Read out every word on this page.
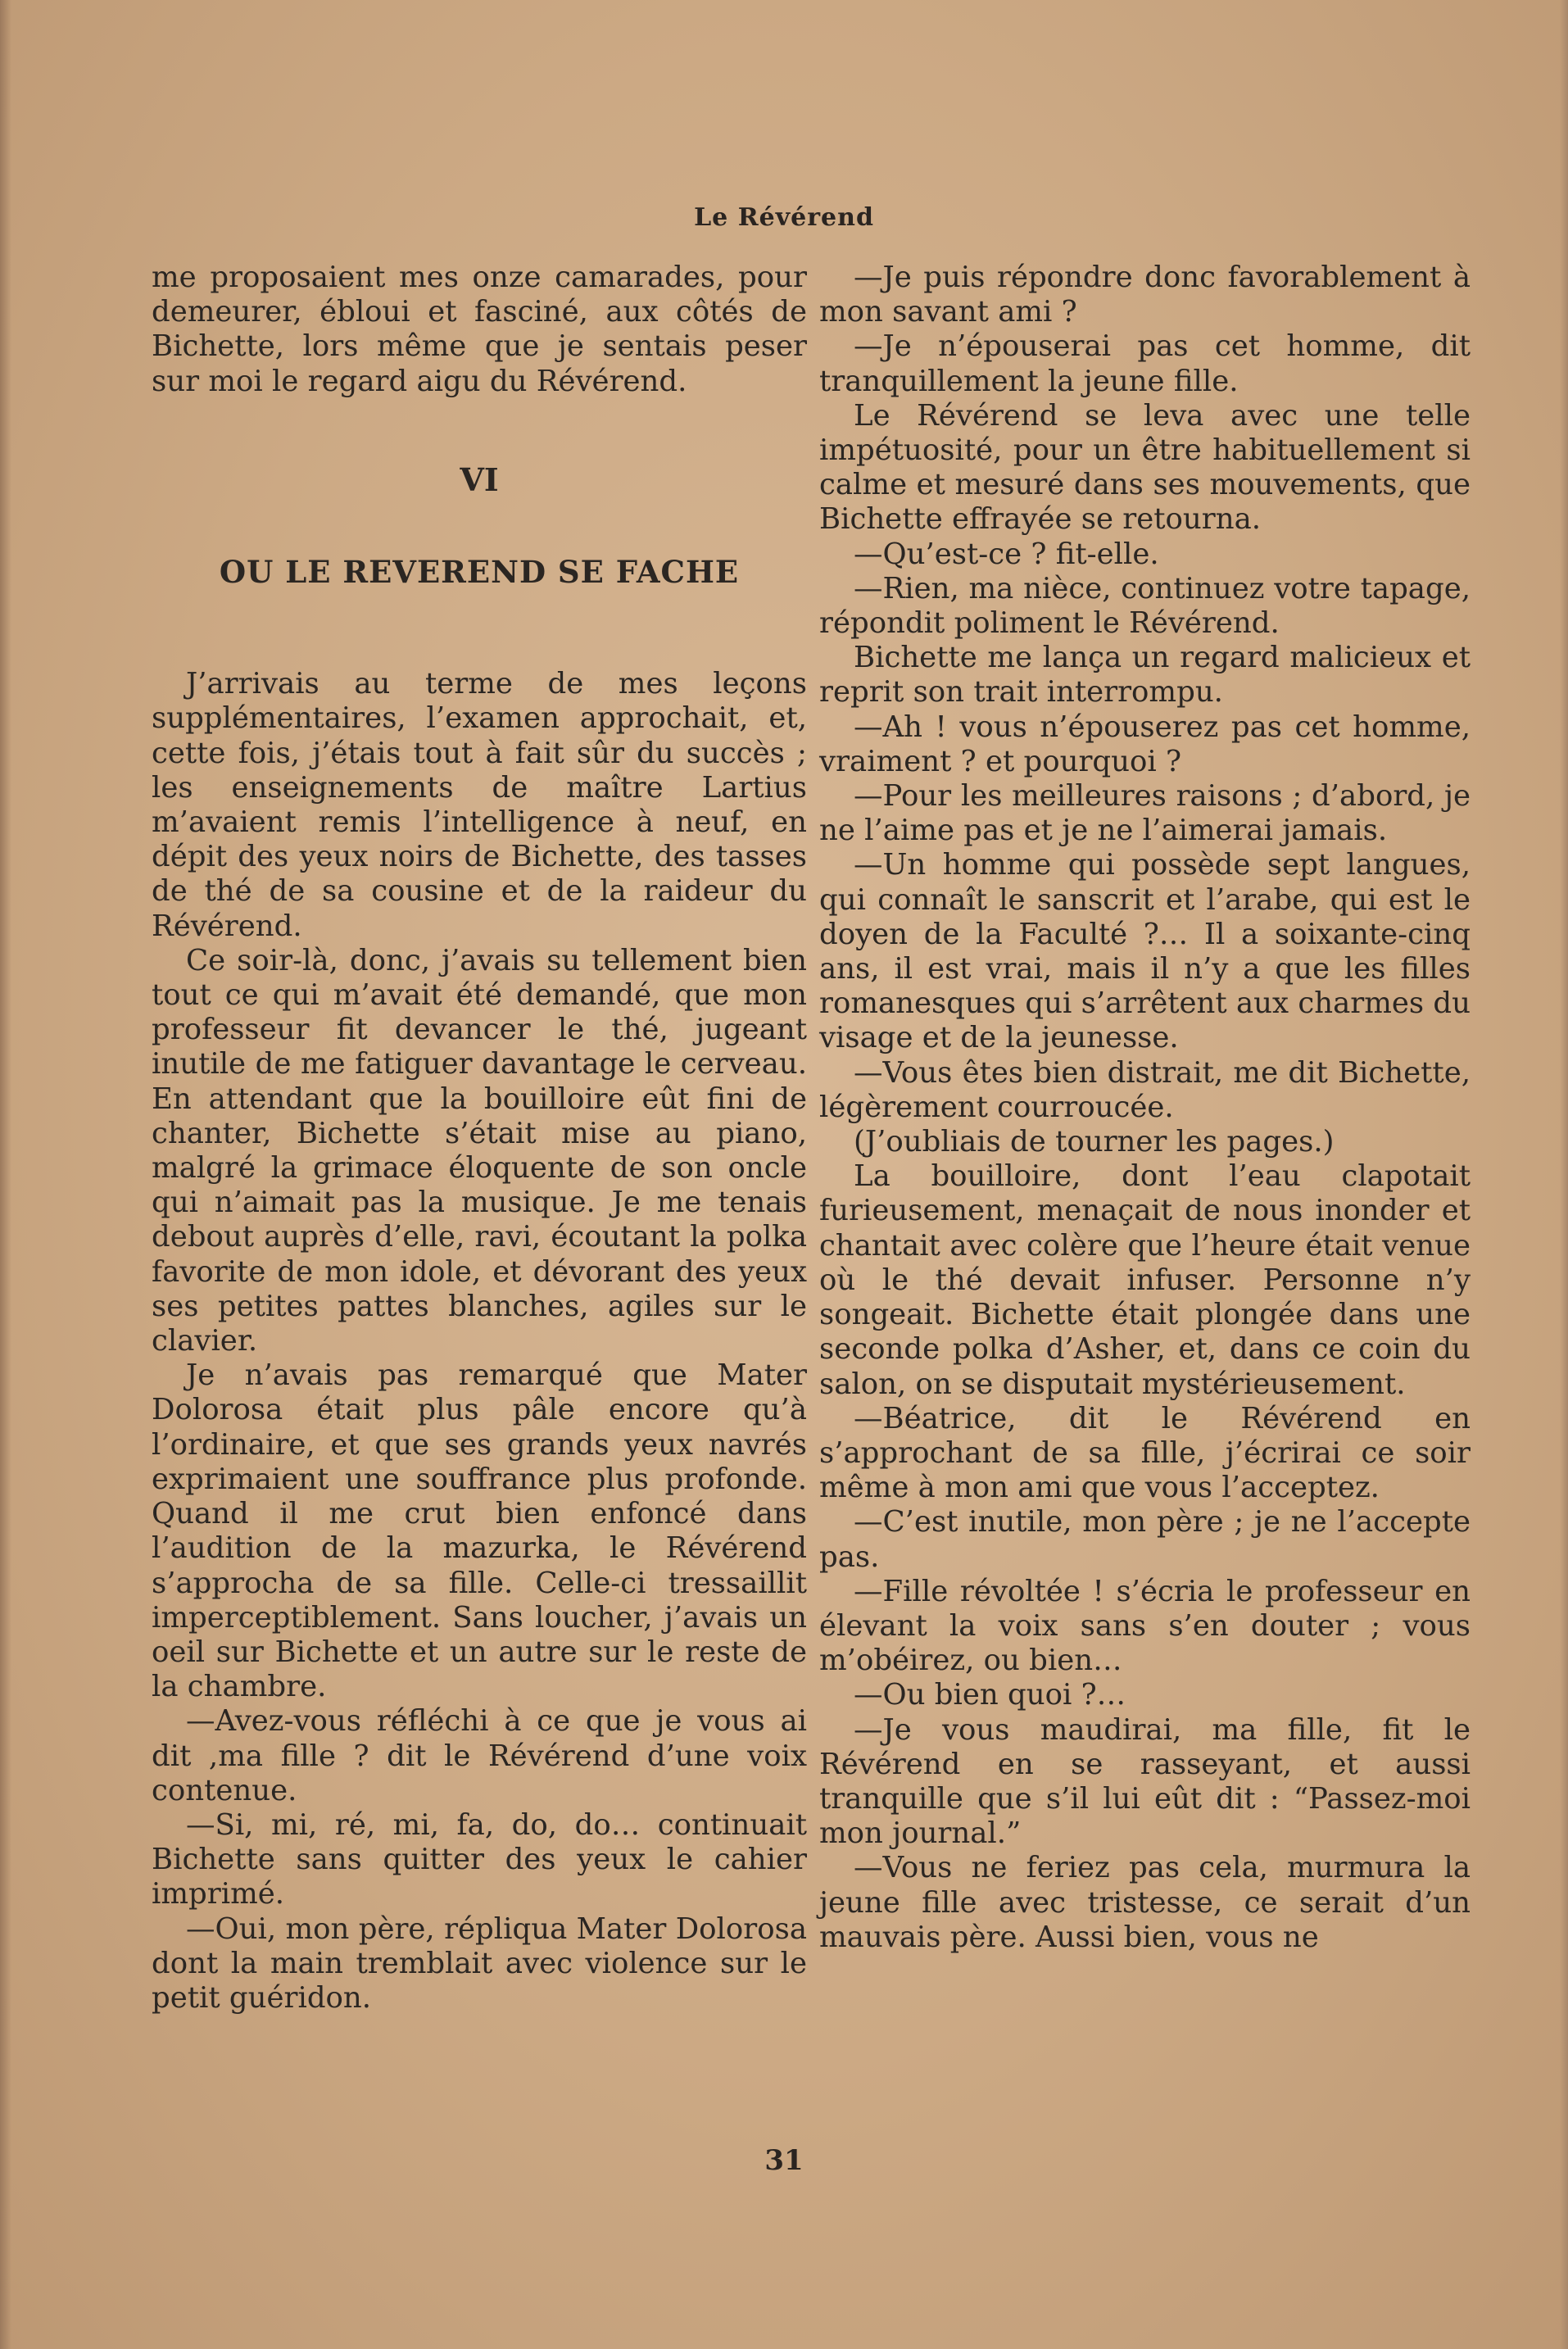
Le Révérend

me proposaient mes onze camarades, pour demeurer, ébloui et fasciné, aux côtés de Bichette, lors même que je sentais peser sur moi le regard aigu du Révérend.

VI

OU LE REVEREND SE FACHE

J’arrivais au terme de mes leçons supplémentaires, l’examen approchait, et, cette fois, j’étais tout à fait sûr du succès ; les enseignements de maître Lartius m’avaient remis l’intelligence à neuf, en dépit des yeux noirs de Bichette, des tasses de thé de sa cousine et de la raideur du Révérend.

Ce soir-là, donc, j’avais su tellement bien tout ce qui m’avait été demandé, que mon professeur fit devancer le thé, jugeant inutile de me fatiguer davantage le cerveau. En attendant que la bouilloire eût fini de chanter, Bichette s’était mise au piano, malgré la grimace éloquente de son oncle qui n’aimait pas la musique. Je me tenais debout auprès d’elle, ravi, écoutant la polka favorite de mon idole, et dévorant des yeux ses petites pattes blanches, agiles sur le clavier.

Je n’avais pas remarqué que Mater Dolorosa était plus pâle encore qu’à l’ordinaire, et que ses grands yeux navrés exprimaient une souffrance plus profonde. Quand il me crut bien enfoncé dans l’audition de la mazurka, le Révérend s’approcha de sa fille. Celle-ci tressaillit imperceptiblement. Sans loucher, j’avais un oeil sur Bichette et un autre sur le reste de la chambre.

—Avez-vous réfléchi à ce que je vous ai dit ,ma fille ? dit le Révérend d’une voix contenue.

—Si, mi, ré, mi, fa, do, do… continuait Bichette sans quitter des yeux le cahier imprimé.

—Oui, mon père, répliqua Mater Dolorosa dont la main tremblait avec violence sur le petit guéridon.

—Je puis répondre donc favorablement à mon savant ami ?

—Je n’épouserai pas cet homme, dit tranquillement la jeune fille.

Le Révérend se leva avec une telle impétuosité, pour un être habituellement si calme et mesuré dans ses mouvements, que Bichette effrayée se retourna.

—Qu’est-ce ? fit-elle.

—Rien, ma nièce, continuez votre tapage, répondit poliment le Révérend.

Bichette me lança un regard malicieux et reprit son trait interrompu.

—Ah ! vous n’épouserez pas cet homme, vraiment ? et pourquoi ?

—Pour les meilleures raisons ; d’abord, je ne l’aime pas et je ne l’aimerai jamais.

—Un homme qui possède sept langues, qui connaît le sanscrit et l’arabe, qui est le doyen de la Faculté ?… Il a soixante-cinq ans, il est vrai, mais il n’y a que les filles romanesques qui s’arrêtent aux charmes du visage et de la jeunesse.

—Vous êtes bien distrait, me dit Bichette, légèrement courroucée.

(J’oubliais de tourner les pages.)

La bouilloire, dont l’eau clapotait furieusement, menaçait de nous inonder et chantait avec colère que l’heure était venue où le thé devait infuser. Personne n’y songeait. Bichette était plongée dans une seconde polka d’Asher, et, dans ce coin du salon, on se disputait mystérieusement.

—Béatrice, dit le Révérend en s’approchant de sa fille, j’écrirai ce soir même à mon ami que vous l’acceptez.

—C’est inutile, mon père ; je ne l’accepte pas.

—Fille révoltée ! s’écria le professeur en élevant la voix sans s’en douter ; vous m’obéirez, ou bien…

—Ou bien quoi ?…

—Je vous maudirai, ma fille, fit le Révérend en se rasseyant, et aussi tranquille que s’il lui eût dit : “Passez-moi mon journal.”

—Vous ne feriez pas cela, murmura la jeune fille avec tristesse, ce serait d’un mauvais père. Aussi bien, vous ne

31
